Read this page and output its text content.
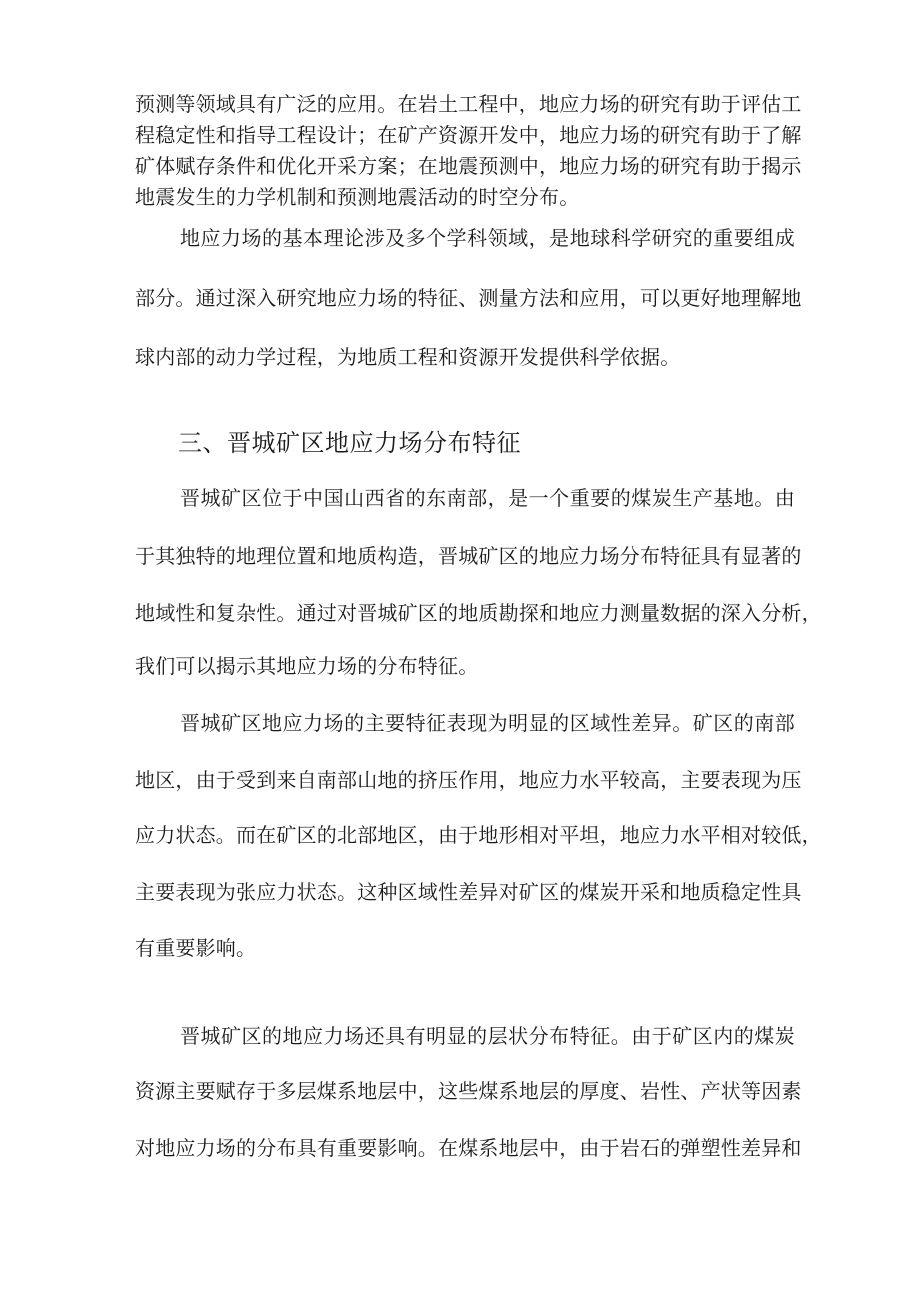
预测等领域具有广泛的应用。在岩土工程中，地应力场的研究有助于评估工
程稳定性和指导工程设计；在矿产资源开发中，地应力场的研究有助于了解
矿体赋存条件和优化开采方案；在地震预测中，地应力场的研究有助于揭示
地震发生的力学机制和预测地震活动的时空分布。
地应力场的基本理论涉及多个学科领域，是地球科学研究的重要组成
部分。通过深入研究地应力场的特征、测量方法和应用，可以更好地理解地
球内部的动力学过程，为地质工程和资源开发提供科学依据。
三、晋城矿区地应力场分布特征
晋城矿区位于中国山西省的东南部，是一个重要的煤炭生产基地。由
于其独特的地理位置和地质构造，晋城矿区的地应力场分布特征具有显著的
地域性和复杂性。通过对晋城矿区的地质勘探和地应力测量数据的深入分析，
我们可以揭示其地应力场的分布特征。
晋城矿区地应力场的主要特征表现为明显的区域性差异。矿区的南部
地区，由于受到来自南部山地的挤压作用，地应力水平较高，主要表现为压
应力状态。而在矿区的北部地区，由于地形相对平坦，地应力水平相对较低，
主要表现为张应力状态。这种区域性差异对矿区的煤炭开采和地质稳定性具
有重要影响。
晋城矿区的地应力场还具有明显的层状分布特征。由于矿区内的煤炭
资源主要赋存于多层煤系地层中，这些煤系地层的厚度、岩性、产状等因素
对地应力场的分布具有重要影响。在煤系地层中，由于岩石的弹塑性差异和
